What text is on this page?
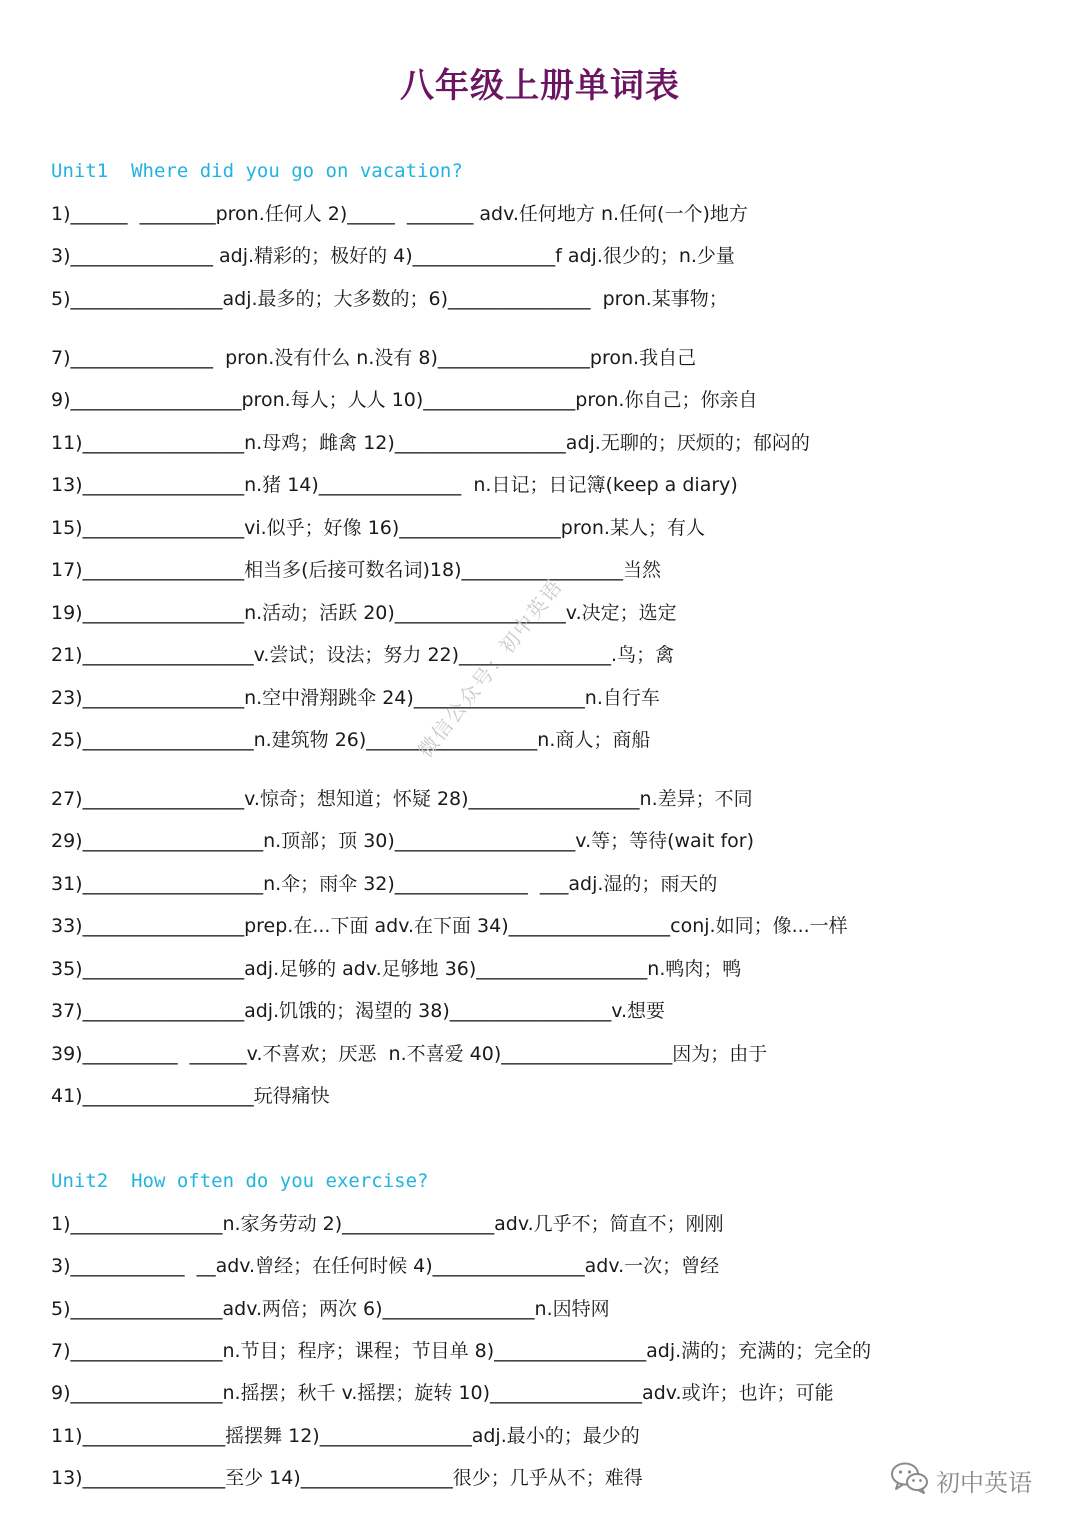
八年级上册单词表
Unit1  Where did you go on vacation?
1)______  ________pron.任何人 2)_____  _______ adv.任何地方 n.任何(一个)地方
3)_______________ adj.精彩的；极好的 4)_______________f adj.很少的；n.少量
5)________________adj.最多的；大多数的；6)_______________  pron.某事物；
7)_______________  pron.没有什么 n.没有 8)________________pron.我自己
9)__________________pron.每人；人人 10)________________pron.你自己；你亲自
11)_________________n.母鸡；雌禽 12)__________________adj.无聊的；厌烦的；郁闷的
13)_________________n.猪 14)_______________  n.日记；日记簿(keep a diary)
15)_________________vi.似乎；好像 16)_________________pron.某人；有人
17)_________________相当多(后接可数名词)18)_________________当然
19)_________________n.活动；活跃 20)__________________v.决定；选定
21)__________________v.尝试；设法；努力 22)________________.鸟；禽
23)_________________n.空中滑翔跳伞 24)__________________n.自行车
25)__________________n.建筑物 26)__________________n.商人；商船
27)_________________v.惊奇；想知道；怀疑 28)__________________n.差异；不同
29)___________________n.顶部；顶 30)___________________v.等；等待(wait for)
31)___________________n.伞；雨伞 32)______________  ___adj.湿的；雨天的
33)_________________prep.在...下面 adv.在下面 34)_________________conj.如同；像...一样
35)_________________adj.足够的 adv.足够地 36)__________________n.鸭肉；鸭
37)_________________adj.饥饿的；渴望的 38)_________________v.想要
39)__________  ______v.不喜欢；厌恶  n.不喜爱 40)__________________因为；由于
41)__________________玩得痛快
Unit2  How often do you exercise?
1)________________n.家务劳动 2)________________adv.几乎不；简直不；刚刚
3)____________  __adv.曾经；在任何时候 4)________________adv.一次；曾经
5)________________adv.两倍；两次 6)________________n.因特网
7)________________n.节目；程序；课程；节目单 8)________________adj.满的；充满的；完全的
9)________________n.摇摆；秋千 v.摇摆；旋转 10)________________adv.或许；也许；可能
11)_______________摇摆舞 12)________________adj.最小的；最少的
13)_______________至少 14)________________很少；几乎从不；难得
微信公众号：初中英语
初中英语
